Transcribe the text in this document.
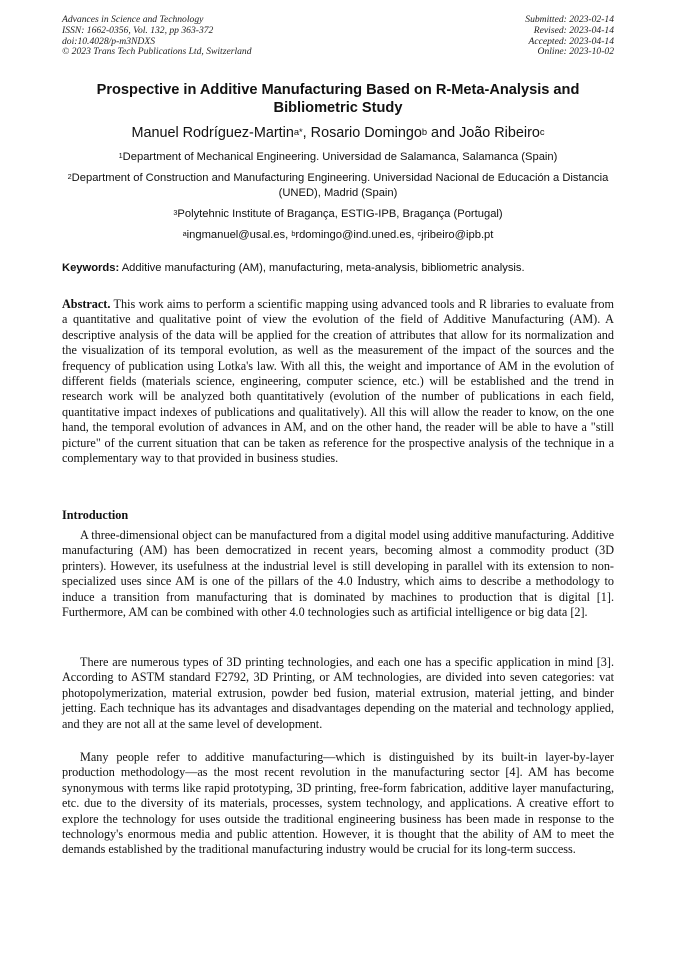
Advances in Science and Technology
ISSN: 1662-0356, Vol. 132, pp 363-372
doi:10.4028/p-m3NDXS
© 2023 Trans Tech Publications Ltd, Switzerland
Submitted: 2023-02-14
Revised: 2023-04-14
Accepted: 2023-04-14
Online: 2023-10-02
Prospective in Additive Manufacturing Based on R-Meta-Analysis and Bibliometric Study
Manuel Rodríguez-Martin$^{a*}$, Rosario Domingo$^b$ and João Ribeiro$^c$
$^1$Department of Mechanical Engineering. Universidad de Salamanca, Salamanca (Spain)
$^2$Department of Construction and Manufacturing Engineering. Universidad Nacional de Educación a Distancia (UNED), Madrid (Spain)
$^3$Polytehnic Institute of Bragança, ESTIG-IPB, Bragança (Portugal)
$^a$ingmanuel@usal.es, $^b$rdomingo@ind.uned.es, $^c$jribeiro@ipb.pt
Keywords: Additive manufacturing (AM), manufacturing, meta-analysis, bibliometric analysis.
Abstract. This work aims to perform a scientific mapping using advanced tools and R libraries to evaluate from a quantitative and qualitative point of view the evolution of the field of Additive Manufacturing (AM). A descriptive analysis of the data will be applied for the creation of attributes that allow for its normalization and the visualization of its temporal evolution, as well as the measurement of the impact of the sources and the frequency of publication using Lotka's law. With all this, the weight and importance of AM in the evolution of different fields (materials science, engineering, computer science, etc.) will be established and the trend in research work will be analyzed both quantitatively (evolution of the number of publications in each field, quantitative impact indexes of publications and qualitatively). All this will allow the reader to know, on the one hand, the temporal evolution of advances in AM, and on the other hand, the reader will be able to have a "still picture" of the current situation that can be taken as reference for the prospective analysis of the technique in a complementary way to that provided in business studies.
Introduction
A three-dimensional object can be manufactured from a digital model using additive manufacturing. Additive manufacturing (AM) has been democratized in recent years, becoming almost a commodity product (3D printers). However, its usefulness at the industrial level is still developing in parallel with its extension to non-specialized uses since AM is one of the pillars of the 4.0 Industry, which aims to describe a methodology to induce a transition from manufacturing that is dominated by machines to production that is digital [1]. Furthermore, AM can be combined with other 4.0 technologies such as artificial intelligence or big data [2].
There are numerous types of 3D printing technologies, and each one has a specific application in mind [3]. According to ASTM standard F2792, 3D Printing, or AM technologies, are divided into seven categories: vat photopolymerization, material extrusion, powder bed fusion, material extrusion, material jetting, and binder jetting. Each technique has its advantages and disadvantages depending on the material and technology applied, and they are not all at the same level of development.
Many people refer to additive manufacturing—which is distinguished by its built-in layer-by-layer production methodology—as the most recent revolution in the manufacturing sector [4]. AM has become synonymous with terms like rapid prototyping, 3D printing, free-form fabrication, additive layer manufacturing, etc. due to the diversity of its materials, processes, system technology, and applications. A creative effort to explore the technology for uses outside the traditional engineering business has been made in response to the technology's enormous media and public attention. However, it is thought that the ability of AM to meet the demands established by the traditional manufacturing industry would be crucial for its long-term success.
